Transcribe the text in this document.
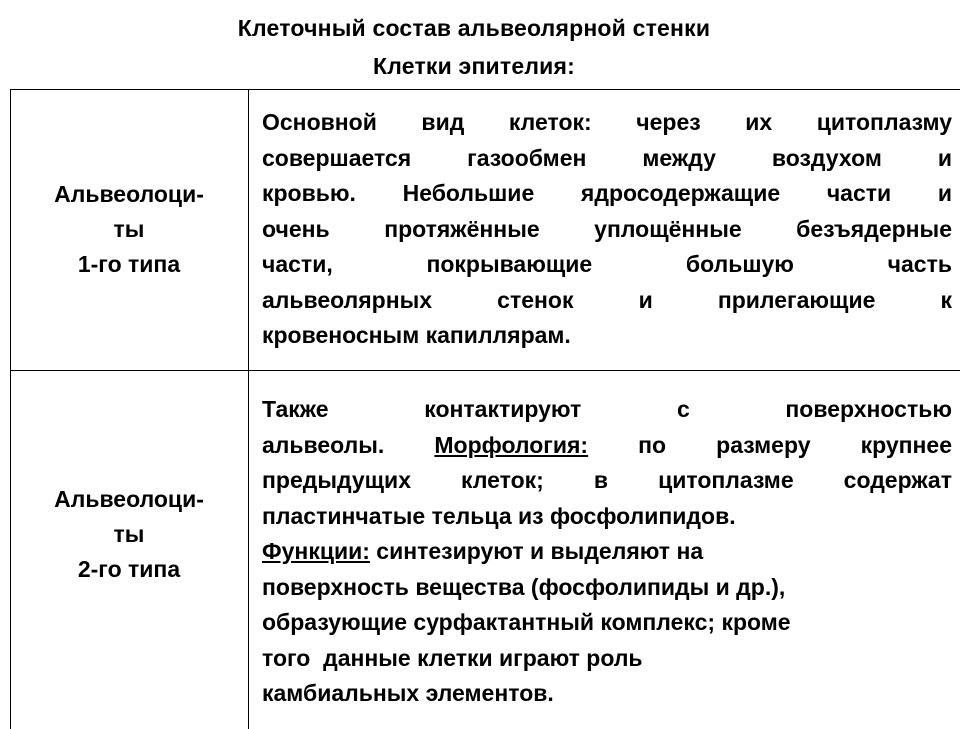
Клеточный состав альвеолярной стенки
Клетки эпителия:
Альвеолоци-
ты
1-го типа
Основной вид клеток: через их цитоплазму
совершается газообмен между воздухом и
кровью. Небольшие ядросодержащие части и
очень протяжённые уплощённые безъядерные
части, покрывающие большую часть
альвеолярных стенок и прилегающие к
кровеносным капиллярам.
Альвеолоци-
ты
2-го типа
Также контактируют с поверхностью
альвеолы. Морфология: по размеру крупнее
предыдущих клеток; в цитоплазме содержат
пластинчатые тельца из фосфолипидов.
Функции: синтезируют и выделяют на
поверхность вещества (фосфолипиды и др.),
образующие сурфактантный комплекс; кроме
того  данные клетки играют роль
камбиальных элементов.
